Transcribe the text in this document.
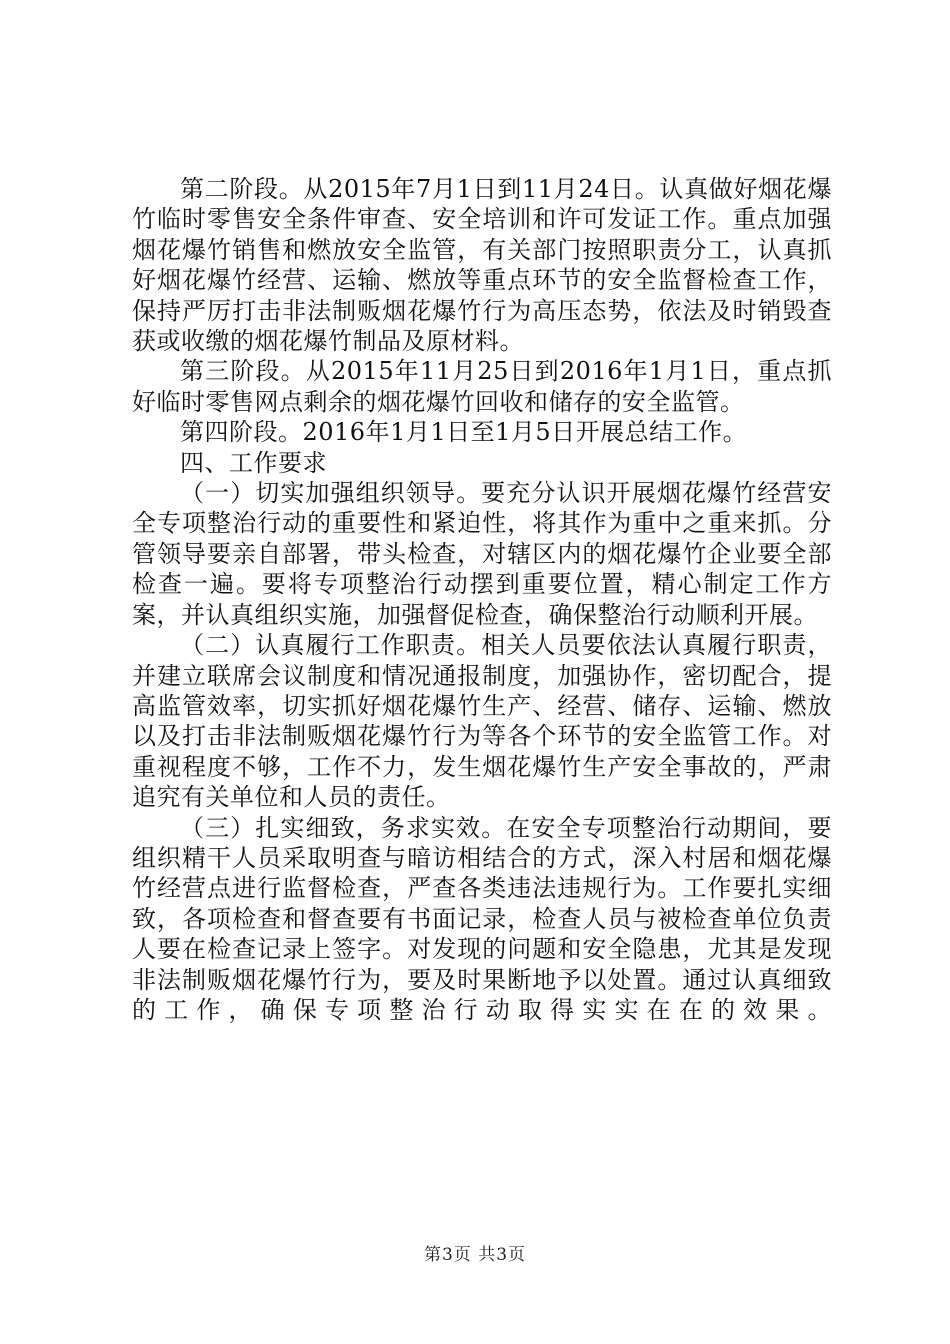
第二阶段。从2015年7月1日到11月24日。认真做好烟花爆竹临时零售安全条件审查、安全培训和许可发证工作。重点加强烟花爆竹销售和燃放安全监管，有关部门按照职责分工，认真抓好烟花爆竹经营、运输、燃放等重点环节的安全监督检查工作，保持严厉打击非法制贩烟花爆竹行为高压态势，依法及时销毁查获或收缴的烟花爆竹制品及原材料。

第三阶段。从2015年11月25日到2016年1月1日，重点抓好临时零售网点剩余的烟花爆竹回收和储存的安全监管。

第四阶段。2016年1月1日至1月5日开展总结工作。

四、工作要求

（一）切实加强组织领导。要充分认识开展烟花爆竹经营安全专项整治行动的重要性和紧迫性，将其作为重中之重来抓。分管领导要亲自部署，带头检查，对辖区内的烟花爆竹企业要全部检查一遍。要将专项整治行动摆到重要位置，精心制定工作方案，并认真组织实施，加强督促检查，确保整治行动顺利开展。

（二）认真履行工作职责。相关人员要依法认真履行职责，并建立联席会议制度和情况通报制度，加强协作，密切配合，提高监管效率，切实抓好烟花爆竹生产、经营、储存、运输、燃放以及打击非法制贩烟花爆竹行为等各个环节的安全监管工作。对重视程度不够，工作不力，发生烟花爆竹生产安全事故的，严肃追究有关单位和人员的责任。

（三）扎实细致，务求实效。在安全专项整治行动期间，要组织精干人员采取明查与暗访相结合的方式，深入村居和烟花爆竹经营点进行监督检查，严查各类违法违规行为。工作要扎实细致，各项检查和督查要有书面记录，检查人员与被检查单位负责人要在检查记录上签字。对发现的问题和安全隐患，尤其是发现非法制贩烟花爆竹行为，要及时果断地予以处置。通过认真细致的工作，确保专项整治行动取得实实在在的效果。

第3页 共3页
